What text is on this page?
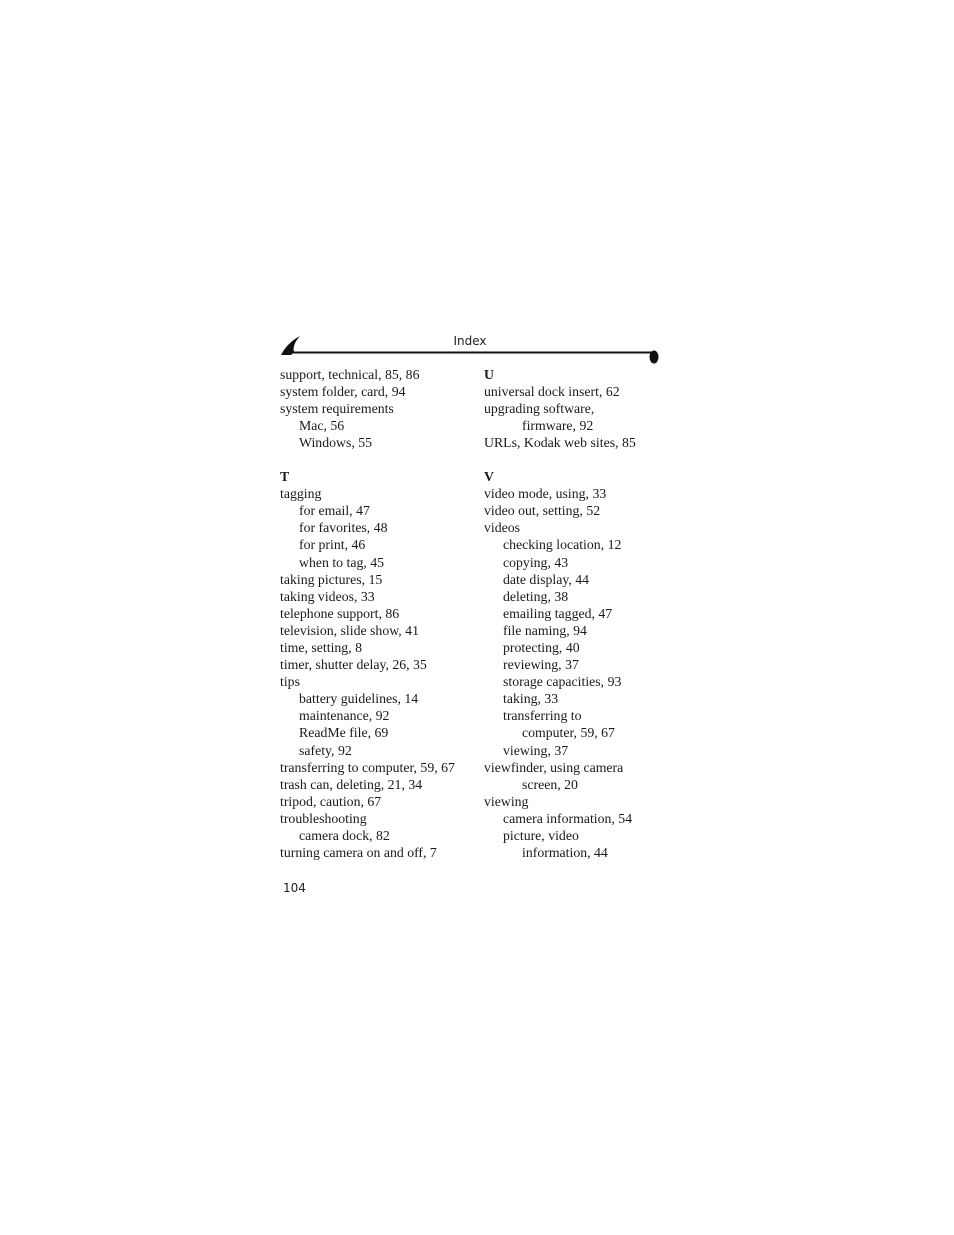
Index
support, technical, 85, 86
system folder, card, 94
system requirements
Mac, 56
Windows, 55
T
tagging
for email, 47
for favorites, 48
for print, 46
when to tag, 45
taking pictures, 15
taking videos, 33
telephone support, 86
television, slide show, 41
time, setting, 8
timer, shutter delay, 26, 35
tips
battery guidelines, 14
maintenance, 92
ReadMe file, 69
safety, 92
transferring to computer, 59, 67
trash can, deleting, 21, 34
tripod, caution, 67
troubleshooting
camera dock, 82
turning camera on and off, 7
U
universal dock insert, 62
upgrading software,
firmware, 92
URLs, Kodak web sites, 85
V
video mode, using, 33
video out, setting, 52
videos
checking location, 12
copying, 43
date display, 44
deleting, 38
emailing tagged, 47
file naming, 94
protecting, 40
reviewing, 37
storage capacities, 93
taking, 33
transferring to
computer, 59, 67
viewing, 37
viewfinder, using camera
screen, 20
viewing
camera information, 54
picture, video
information, 44
104
